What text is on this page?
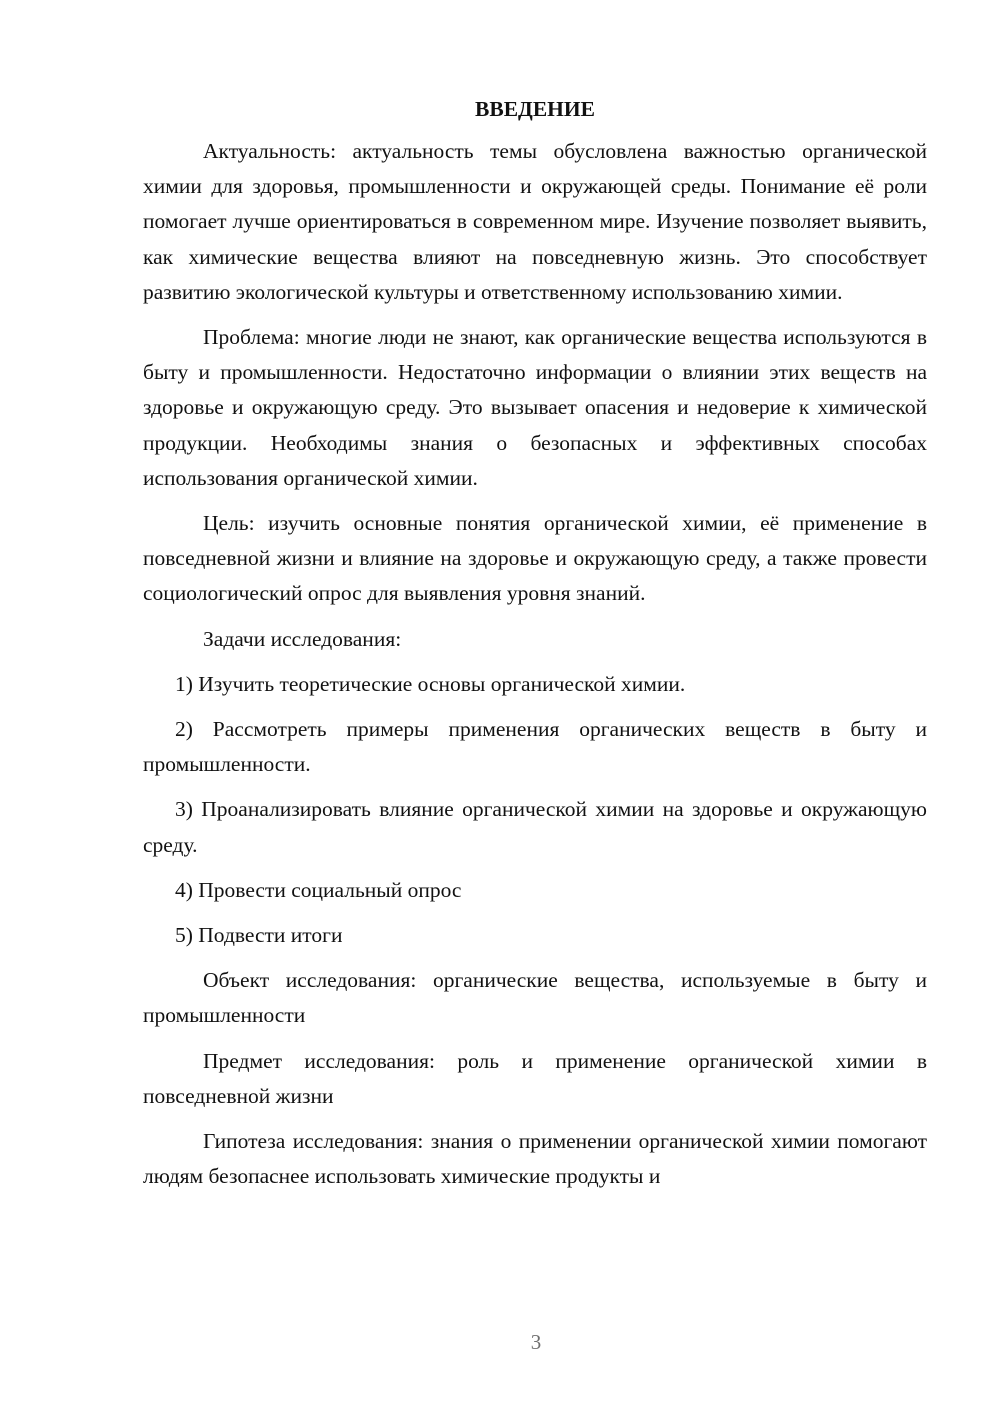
ВВЕДЕНИЕ

Актуальность: актуальность темы обусловлена важностью органической химии для здоровья, промышленности и окружающей среды. Понимание её роли помогает лучше ориентироваться в современном мире. Изучение позволяет выявить, как химические вещества влияют на повседневную жизнь. Это способствует развитию экологической культуры и ответственному использованию химии.

Проблема: многие люди не знают, как органические вещества используются в быту и промышленности. Недостаточно информации о влиянии этих веществ на здоровье и окружающую среду. Это вызывает опасения и недоверие к химической продукции. Необходимы знания о безопасных и эффективных способах использования органической химии.

Цель: изучить основные понятия органической химии, её применение в повседневной жизни и влияние на здоровье и окружающую среду, а также провести социологический опрос для выявления уровня знаний.

Задачи исследования:

1) Изучить теоретические основы органической химии.

2) Рассмотреть примеры применения органических веществ в быту и промышленности.

3) Проанализировать влияние органической химии на здоровье и окружающую среду.

4) Провести социальный опрос

5) Подвести итоги

Объект исследования: органические вещества, используемые в быту и промышленности

Предмет исследования: роль и применение органической химии в повседневной жизни

Гипотеза исследования: знания о применении органической химии помогают людям безопаснее использовать химические продукты и

3
